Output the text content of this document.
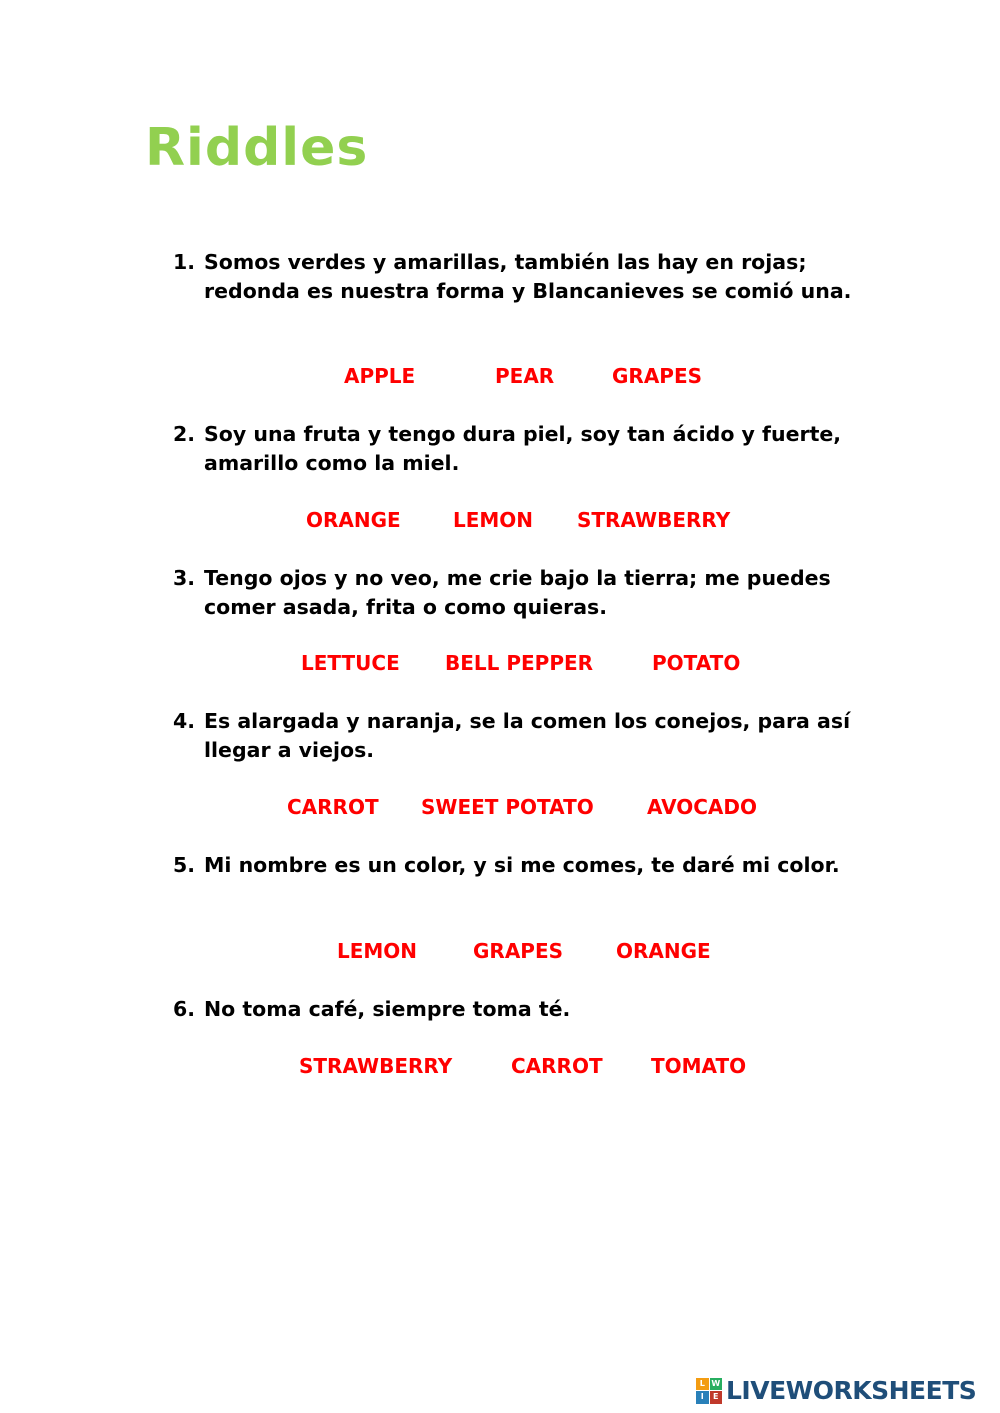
Riddles
1. Somos verdes y amarillas, también las hay en rojas; redonda es nuestra forma y Blancanieves se comió una.
APPLE	PEAR	GRAPES
2. Soy una fruta y tengo dura piel, soy tan ácido y fuerte, amarillo como la miel.
ORANGE	LEMON STRAWBERRY
3. Tengo ojos y no veo, me crie bajo la tierra; me puedes comer asada, frita o como quieras.
LETTUCE BELL PEPPER	POTATO
4. Es alargada y naranja, se la comen los conejos, para así llegar a viejos.
CARROT SWEET POTATO	AVOCADO
5. Mi nombre es un color, y si me comes, te daré mi color.
LEMON	GRAPES	ORANGE
6. No toma café, siempre toma té.
STRAWBERRY	CARROT TOMATO
L W
I	E LIVEWORKSHEETS
